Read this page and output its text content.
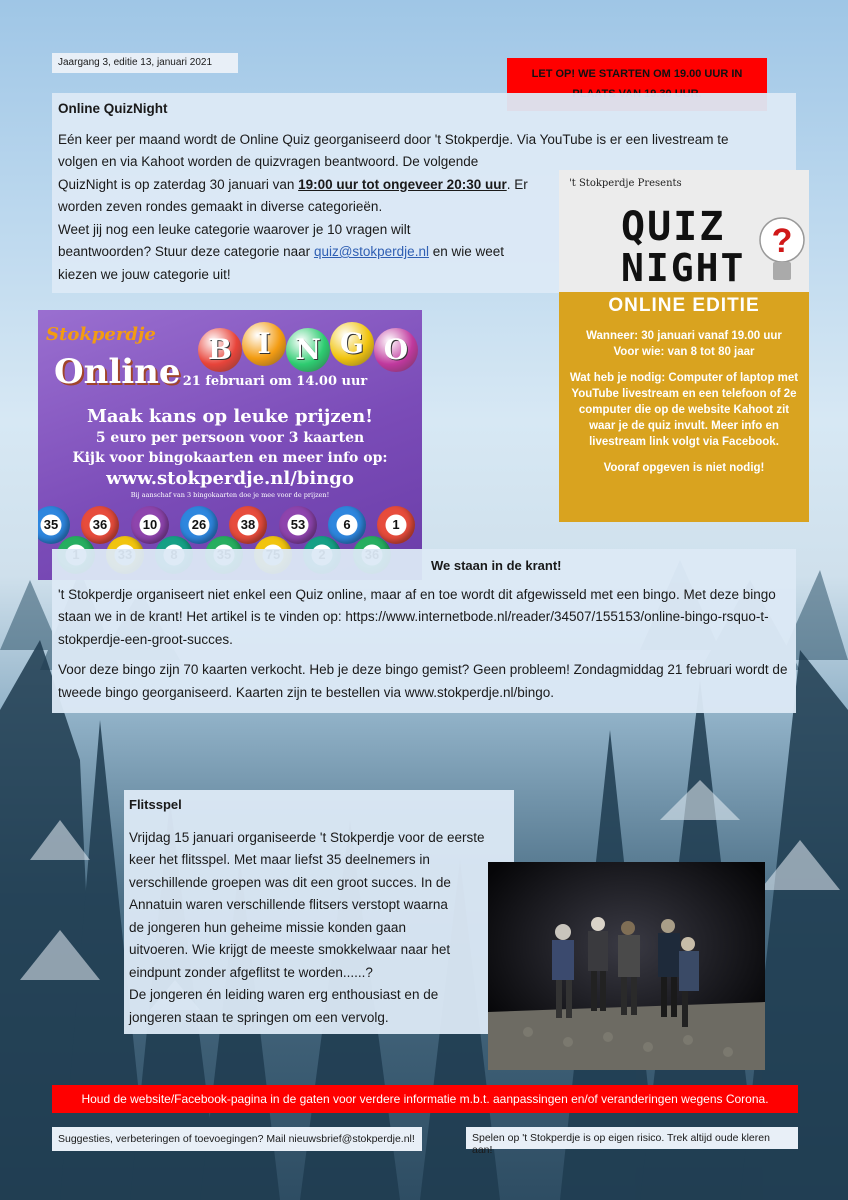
Jaargang 3, editie 13, januari 2021
LET OP! WE STARTEN OM 19.00 UUR IN
Online QuizNight

Eén keer per maand wordt de Online Quiz georganiseerd door 't Stokperdje. Via YouTube is er een livestream te

volgen en via Kahoot worden de quizvragen beantwoord. De volgende

QuizNight is op zaterdag 30 januari van 19:00 uur tot ongeveer 20:30 uur. Er

worden zeven rondes gemaakt in diverse categorieën.

Weet jij nog een leuke categorie waarover je 10 vragen wilt

beantwoorden? Stuur deze categorie naar quiz@stokperdje.nl en wie weet

kiezen we jouw categorie uit!

't Stokperdje Presents
QUIZ
NIGHT
?
ONLINE EDITIE
Wanneer: 30 januari vanaf 19.00 uur

Voor wie: van 8 tot 80 jaar

Wat heb je nodig: Computer of laptop met YouTube livestream en een telefoon of 2e computer die op de website Kahoot zit waar je de quiz invult. Meer info en livestream link volgt via Facebook.

Vooraf opgeven is niet nodig!

Stokperdje
Online
B I N G O
21 februari om 14.00 uur
Maak kans op leuke prijzen!
5 euro per persoon voor 3 kaarten
Kijk voor bingokaarten en meer info op:
www.stokperdje.nl/bingo
Bij aanschaf van 3 bingokaarten doe je mee voor de prijzen!
35	36	10	26	38	53	6	1
We staan in de krant!

't Stokperdje organiseert niet enkel een Quiz online, maar af en toe wordt dit afgewisseld met een bingo. Met deze bingo staan we in de krant! Het artikel is te vinden op: https://www.internetbode.nl/reader/34507/155153/online-bingo-rsquo-t-stokperdje-een-groot-succes.

Voor deze bingo zijn 70 kaarten verkocht. Heb je deze bingo gemist? Geen probleem! Zondagmiddag 21 februari wordt de tweede bingo georganiseerd. Kaarten zijn te bestellen via www.stokperdje.nl/bingo.

Flitsspel
Vrijdag 15 januari organiseerde 't Stokperdje voor de eerste
keer het flitsspel. Met maar liefst 35 deelnemers in
verschillende groepen was dit een groot succes. In de
Annatuin waren verschillende flitsers verstopt waarna
de jongeren hun geheime missie konden gaan
uitvoeren. Wie krijgt de meeste smokkelwaar naar het
eindpunt zonder afgeflitst te worden......?
De jongeren én leiding waren erg enthousiast en de
jongeren staan te springen om een vervolg.
Houd de website/Facebook-pagina in de gaten voor verdere informatie m.b.t. aanpassingen en/of veranderingen wegens Corona.
Suggesties, verbeteringen of toevoegingen? Mail nieuwsbrief@stokperdje.nl!	Spelen op 't Stokperdje is op eigen risico. Trek altijd oude kleren aan!
